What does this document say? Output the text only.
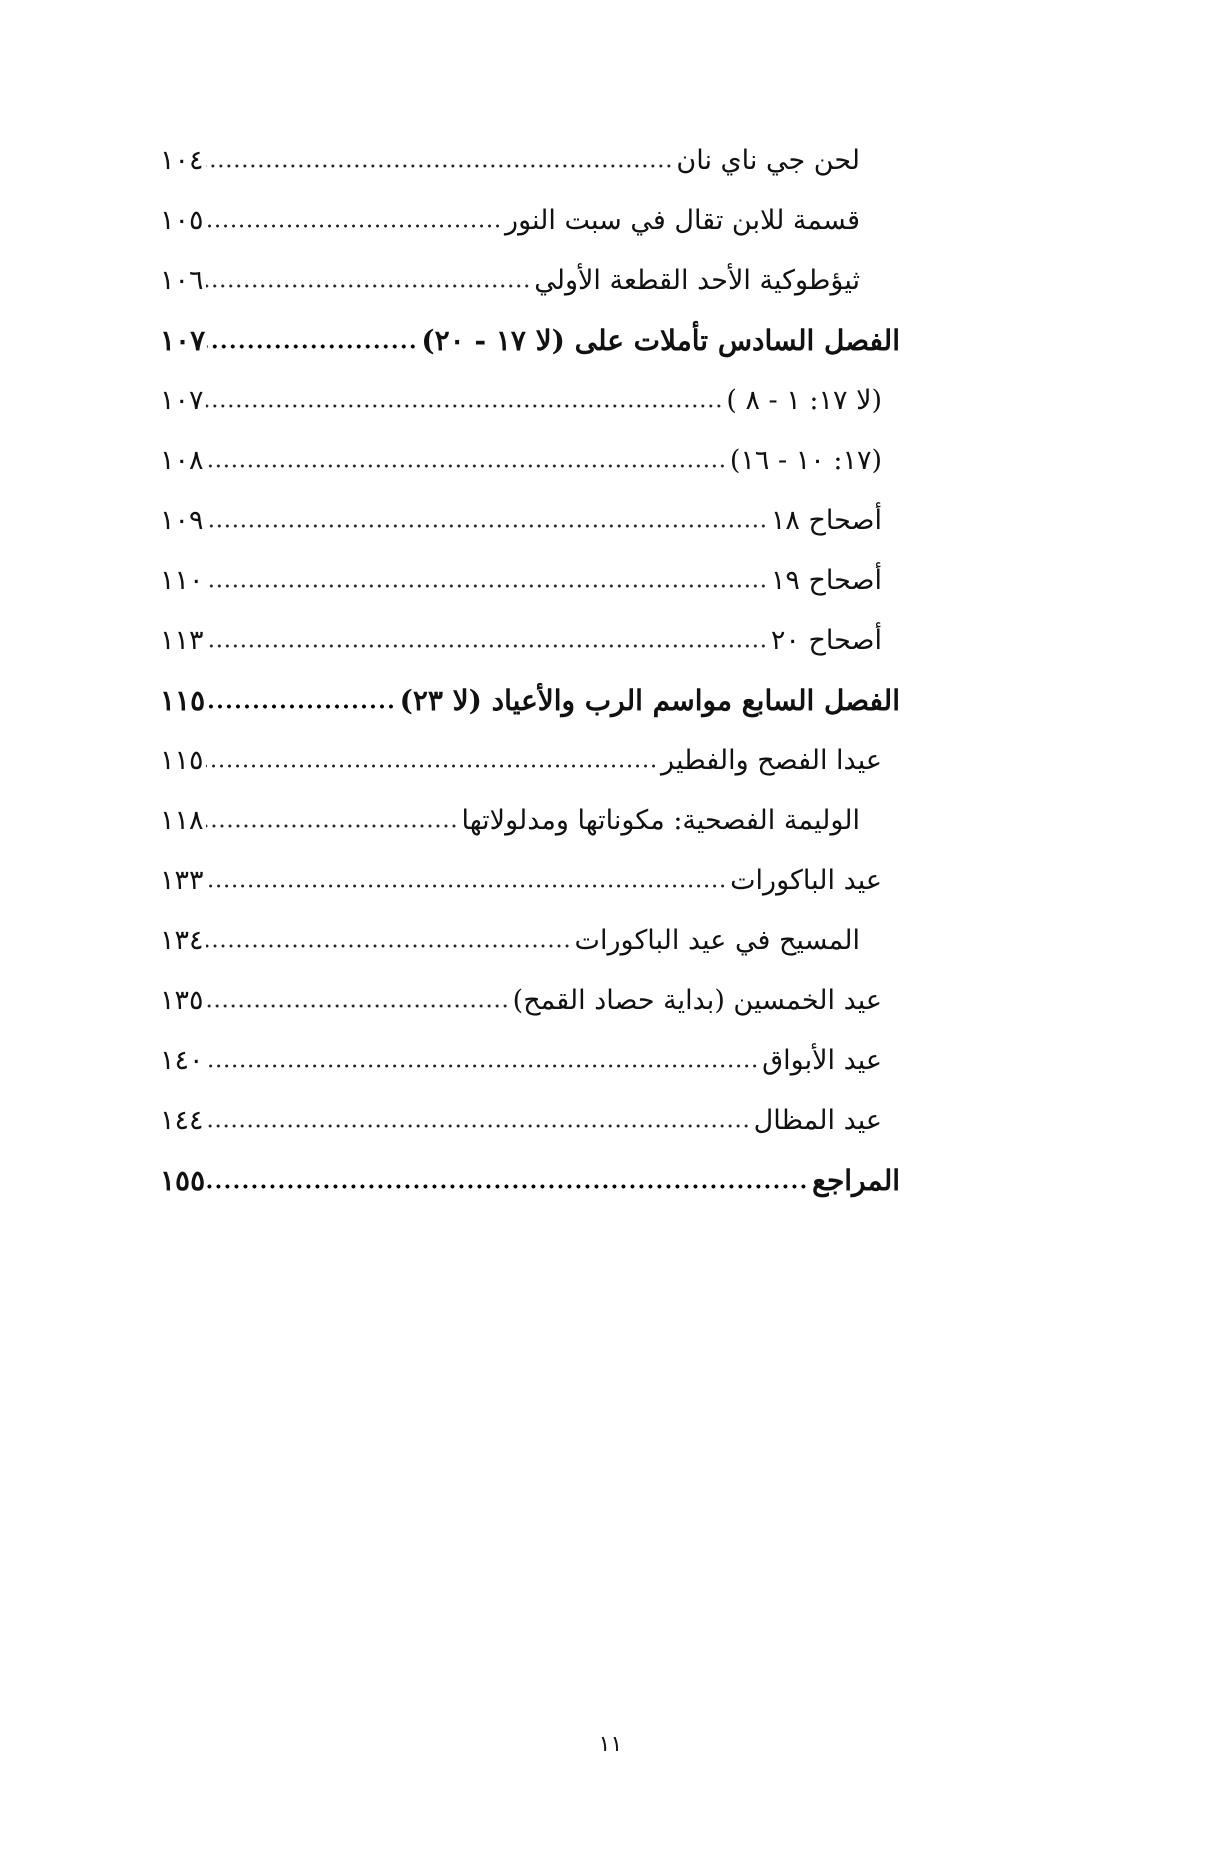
لحن جي ناي نان
١٠٤
قسمة للابن تقال في سبت النور
١٠٥
ثيؤطوكية الأحد القطعة الأولي
١٠٦
الفصل السادس تأملات على (لا ١٧ - ٢٠)
١٠٧
(لا ١٧: ١ - ٨ )
١٠٧
(١٧: ١٠ - ١٦)
١٠٨
أصحاح ١٨
١٠٩
أصحاح ١٩
١١٠
أصحاح ٢٠
١١٣
الفصل السابع مواسم الرب والأعياد (لا ٢٣)
١١٥
عيدا الفصح والفطير
١١٥
الوليمة الفصحية: مكوناتها ومدلولاتها
١١٨
عيد الباكورات
١٣٣
المسيح في عيد الباكورات
١٣٤
عيد الخمسين (بداية حصاد القمح)
١٣٥
عيد الأبواق
١٤٠
عيد المظال
١٤٤
المراجع
١٥٥
١١
